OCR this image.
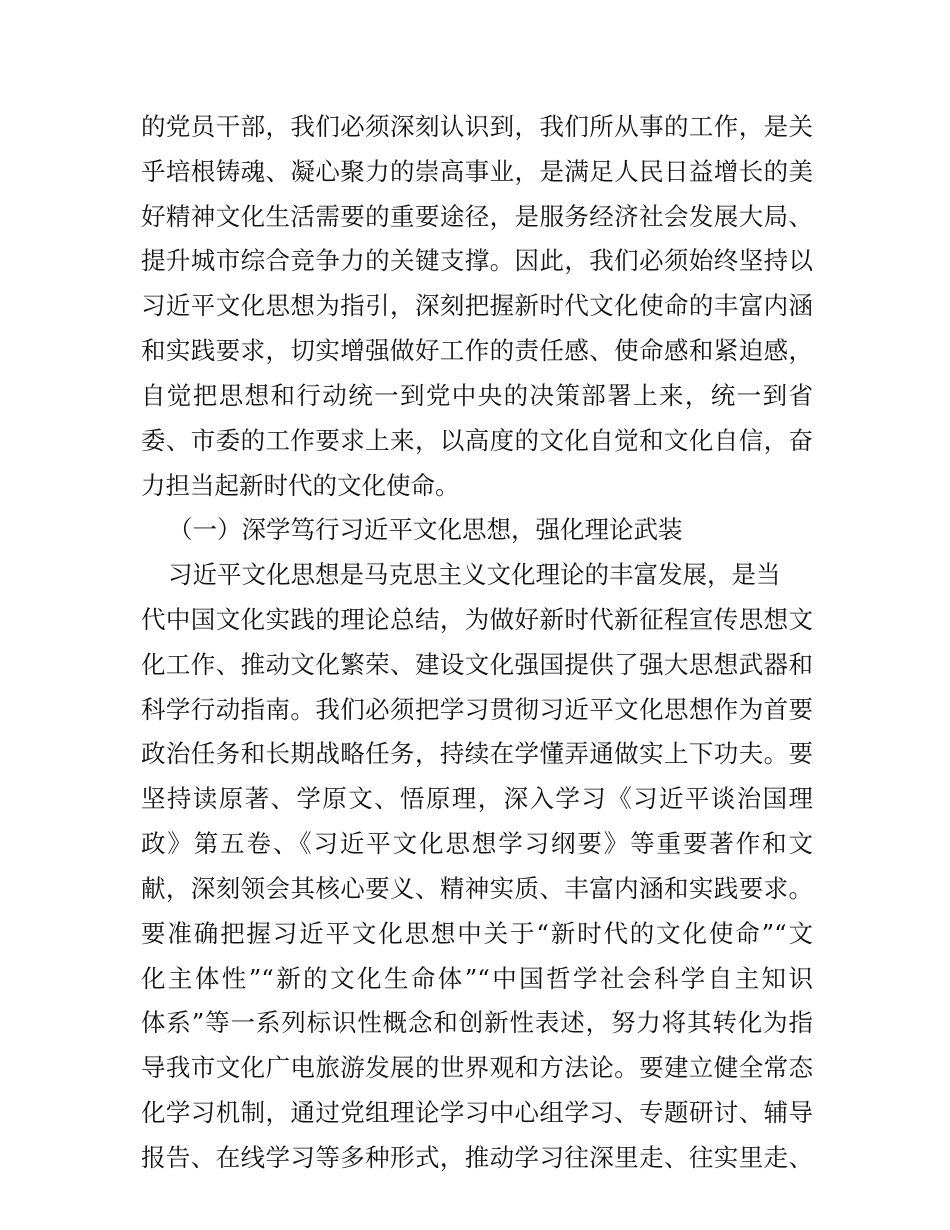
的党员干部，我们必须深刻认识到，我们所从事的工作，是关
乎培根铸魂、凝心聚力的崇高事业，是满足人民日益增长的美
好精神文化生活需要的重要途径，是服务经济社会发展大局、
提升城市综合竞争力的关键支撑。因此，我们必须始终坚持以
习近平文化思想为指引，深刻把握新时代文化使命的丰富内涵
和实践要求，切实增强做好工作的责任感、使命感和紧迫感，
自觉把思想和行动统一到党中央的决策部署上来，统一到省
委、市委的工作要求上来，以高度的文化自觉和文化自信，奋
力担当起新时代的文化使命。
（一）深学笃行习近平文化思想，强化理论武装
习近平文化思想是马克思主义文化理论的丰富发展，是当
代中国文化实践的理论总结，为做好新时代新征程宣传思想文
化工作、推动文化繁荣、建设文化强国提供了强大思想武器和
科学行动指南。我们必须把学习贯彻习近平文化思想作为首要
政治任务和长期战略任务，持续在学懂弄通做实上下功夫。要
坚持读原著、学原文、悟原理，深入学习《习近平谈治国理
政》第五卷、《习近平文化思想学习纲要》等重要著作和文
献，深刻领会其核心要义、精神实质、丰富内涵和实践要求。
要准确把握习近平文化思想中关于“新时代的文化使命”“文
化主体性”“新的文化生命体”“中国哲学社会科学自主知识
体系”等一系列标识性概念和创新性表述，努力将其转化为指
导我市文化广电旅游发展的世界观和方法论。要建立健全常态
化学习机制，通过党组理论学习中心组学习、专题研讨、辅导
报告、在线学习等多种形式，推动学习往深里走、往实里走、
